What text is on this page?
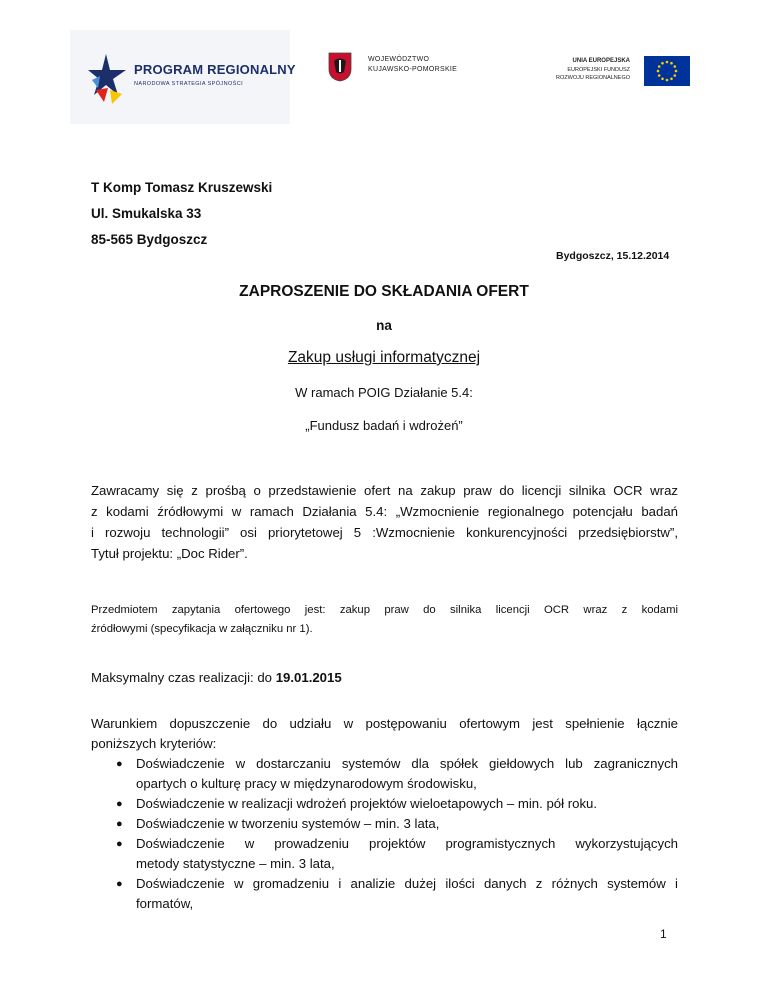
PROGRAM REGIONALNY
NARODOWA STRATEGIA SPÓJNOŚCI
WOJEWÓDZTWO
KUJAWSKO-POMORSKIE
UNIA EUROPEJSKA
EUROPEJSKI FUNDUSZ
ROZWOJU REGIONALNEGO
T Komp Tomasz Kruszewski
Ul. Smukalska 33
85-565 Bydgoszcz
Bydgoszcz, 15.12.2014
ZAPROSZENIE DO SKŁADANIA OFERT
na
Zakup usługi informatycznej
W ramach POIG Działanie 5.4:
„Fundusz badań i wdrożeń”
Zawracamy się z prośbą o przedstawienie ofert na zakup praw do licencji silnika OCR wraz
z kodami źródłowymi w ramach Działania 5.4: „Wzmocnienie regionalnego potencjału badań
i rozwoju technologii” osi priorytetowej 5 :Wzmocnienie konkurencyjności przedsiębiorstw”,
Tytuł projektu: „Doc Rider”.
Przedmiotem zapytania ofertowego jest: zakup praw do silnika licencji OCR wraz z kodami
źródłowymi (specyfikacja w załączniku nr 1).
Maksymalny czas realizacji: do 19.01.2015
Warunkiem dopuszczenie do udziału w postępowaniu ofertowym jest spełnienie łącznie
poniższych kryteriów:
● Doświadczenie w dostarczaniu systemów dla spółek giełdowych lub zagranicznych
opartych o kulturę pracy w międzynarodowym środowisku,
● Doświadczenie w realizacji wdrożeń projektów wieloetapowych – min. pół roku.
● Doświadczenie w tworzeniu systemów – min. 3 lata,
● Doświadczenie w prowadzeniu projektów programistycznych wykorzystujących
metody statystyczne – min. 3 lata,
● Doświadczenie w gromadzeniu i analizie dużej ilości danych z różnych systemów i
formatów,
1
